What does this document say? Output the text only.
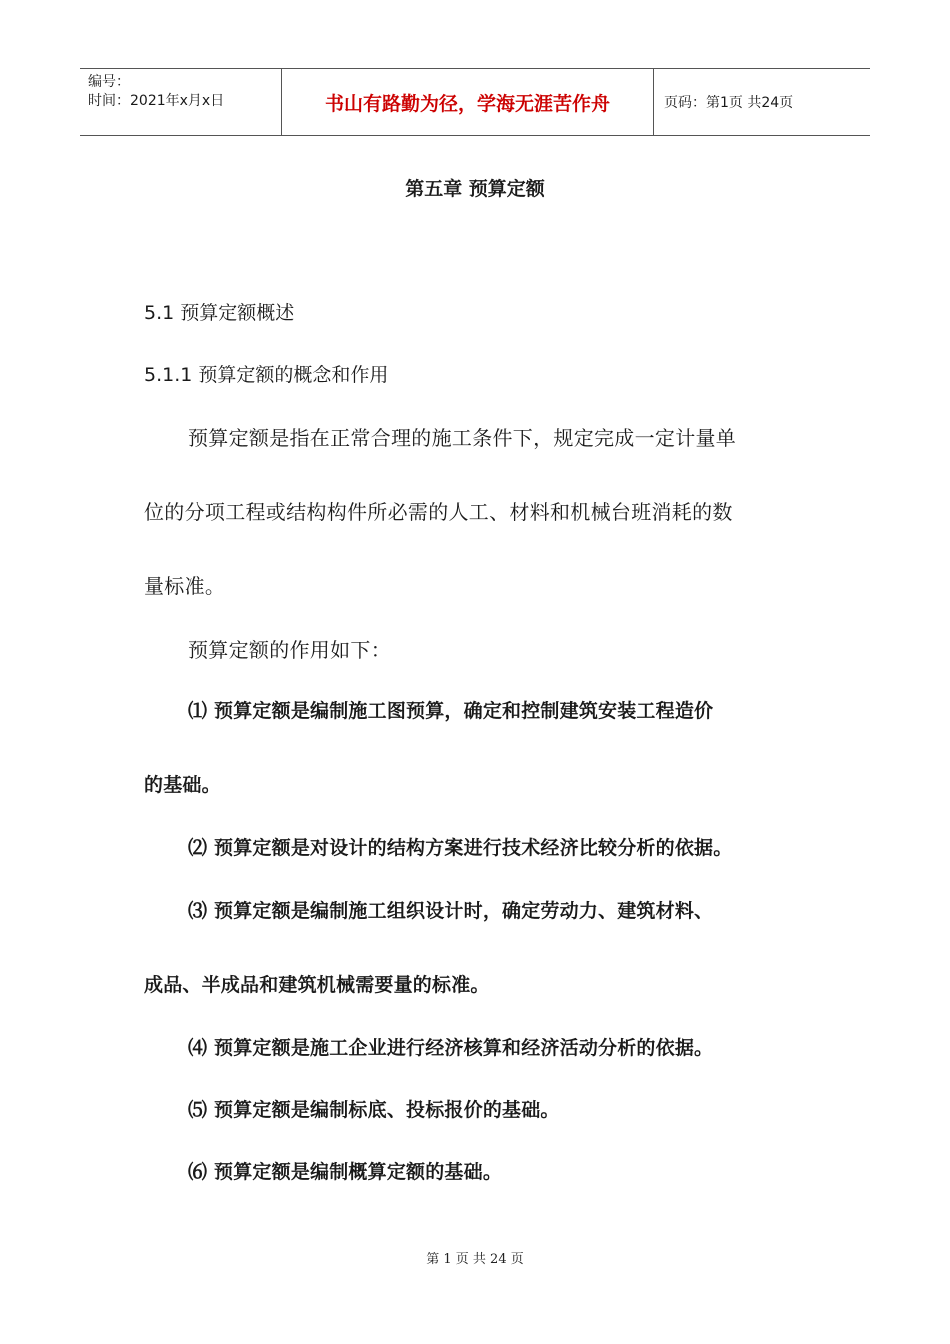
编号：
时间：2021年x月x日	书山有路勤为径，学海无涯苦作舟	页码：第1页 共24页
第五章 预算定额
5.1 预算定额概述
5.1.1 预算定额的概念和作用
预算定额是指在正常合理的施工条件下，规定完成一定计量单
位的分项工程或结构构件所必需的人工、材料和机械台班消耗的数
量标准。
预算定额的作用如下：
⑴ 预算定额是编制施工图预算，确定和控制建筑安装工程造价
的基础。
⑵ 预算定额是对设计的结构方案进行技术经济比较分析的依据。
⑶ 预算定额是编制施工组织设计时，确定劳动力、建筑材料、
成品、半成品和建筑机械需要量的标准。
⑷ 预算定额是施工企业进行经济核算和经济活动分析的依据。
⑸ 预算定额是编制标底、投标报价的基础。
⑹ 预算定额是编制概算定额的基础。
第 1 页 共 24 页
